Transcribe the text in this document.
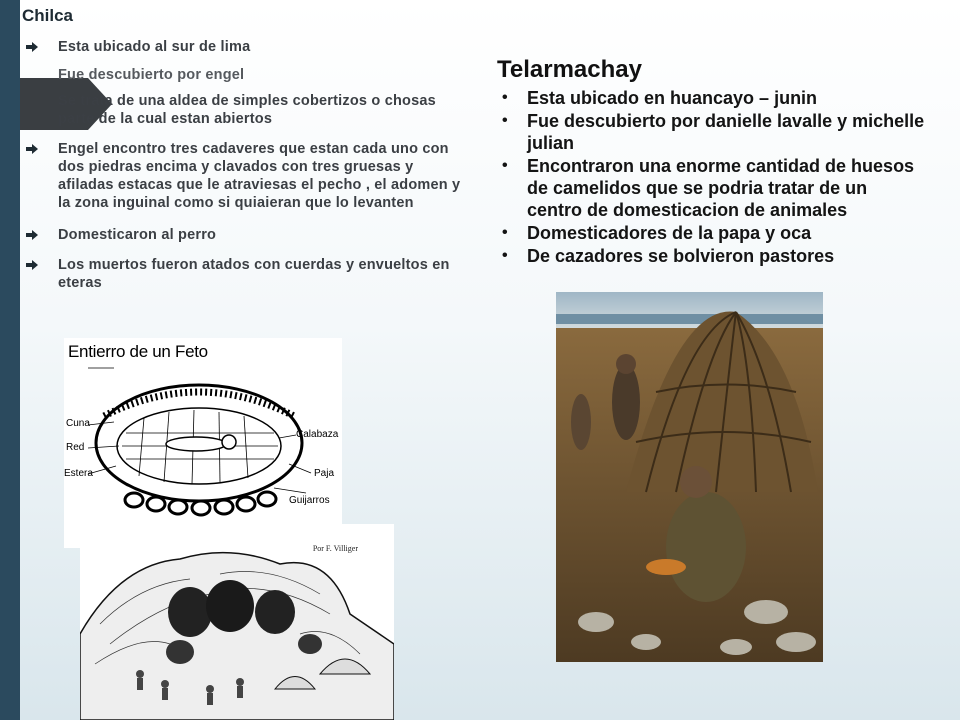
Chilca
Esta ubicado al sur de lima
Fue descubierto por engel
Se trata de una aldea de simples cobertizos o chosas parte de la cual estan abiertos
Engel encontro tres cadaveres que estan cada uno con dos piedras encima y clavados con tres gruesas y afiladas estacas que le atraviesas el pecho , el adomen y la zona inguinal como si quiaieran que lo levanten
Domesticaron al perro
Los muertos fueron atados con cuerdas y envueltos en eteras
Telarmachay
• Esta ubicado en huancayo – junin
• Fue descubierto por danielle lavalle y michelle julian
• Encontraron una enorme cantidad de huesos de camelidos que se podria tratar de un centro de domesticacion de animales
• Domesticadores de la papa y oca
• De cazadores se bolvieron pastores
Entierro de un Feto
Cuna
Red
Estera
Calabaza
Paja
Guijarros
Por F. Villiger
